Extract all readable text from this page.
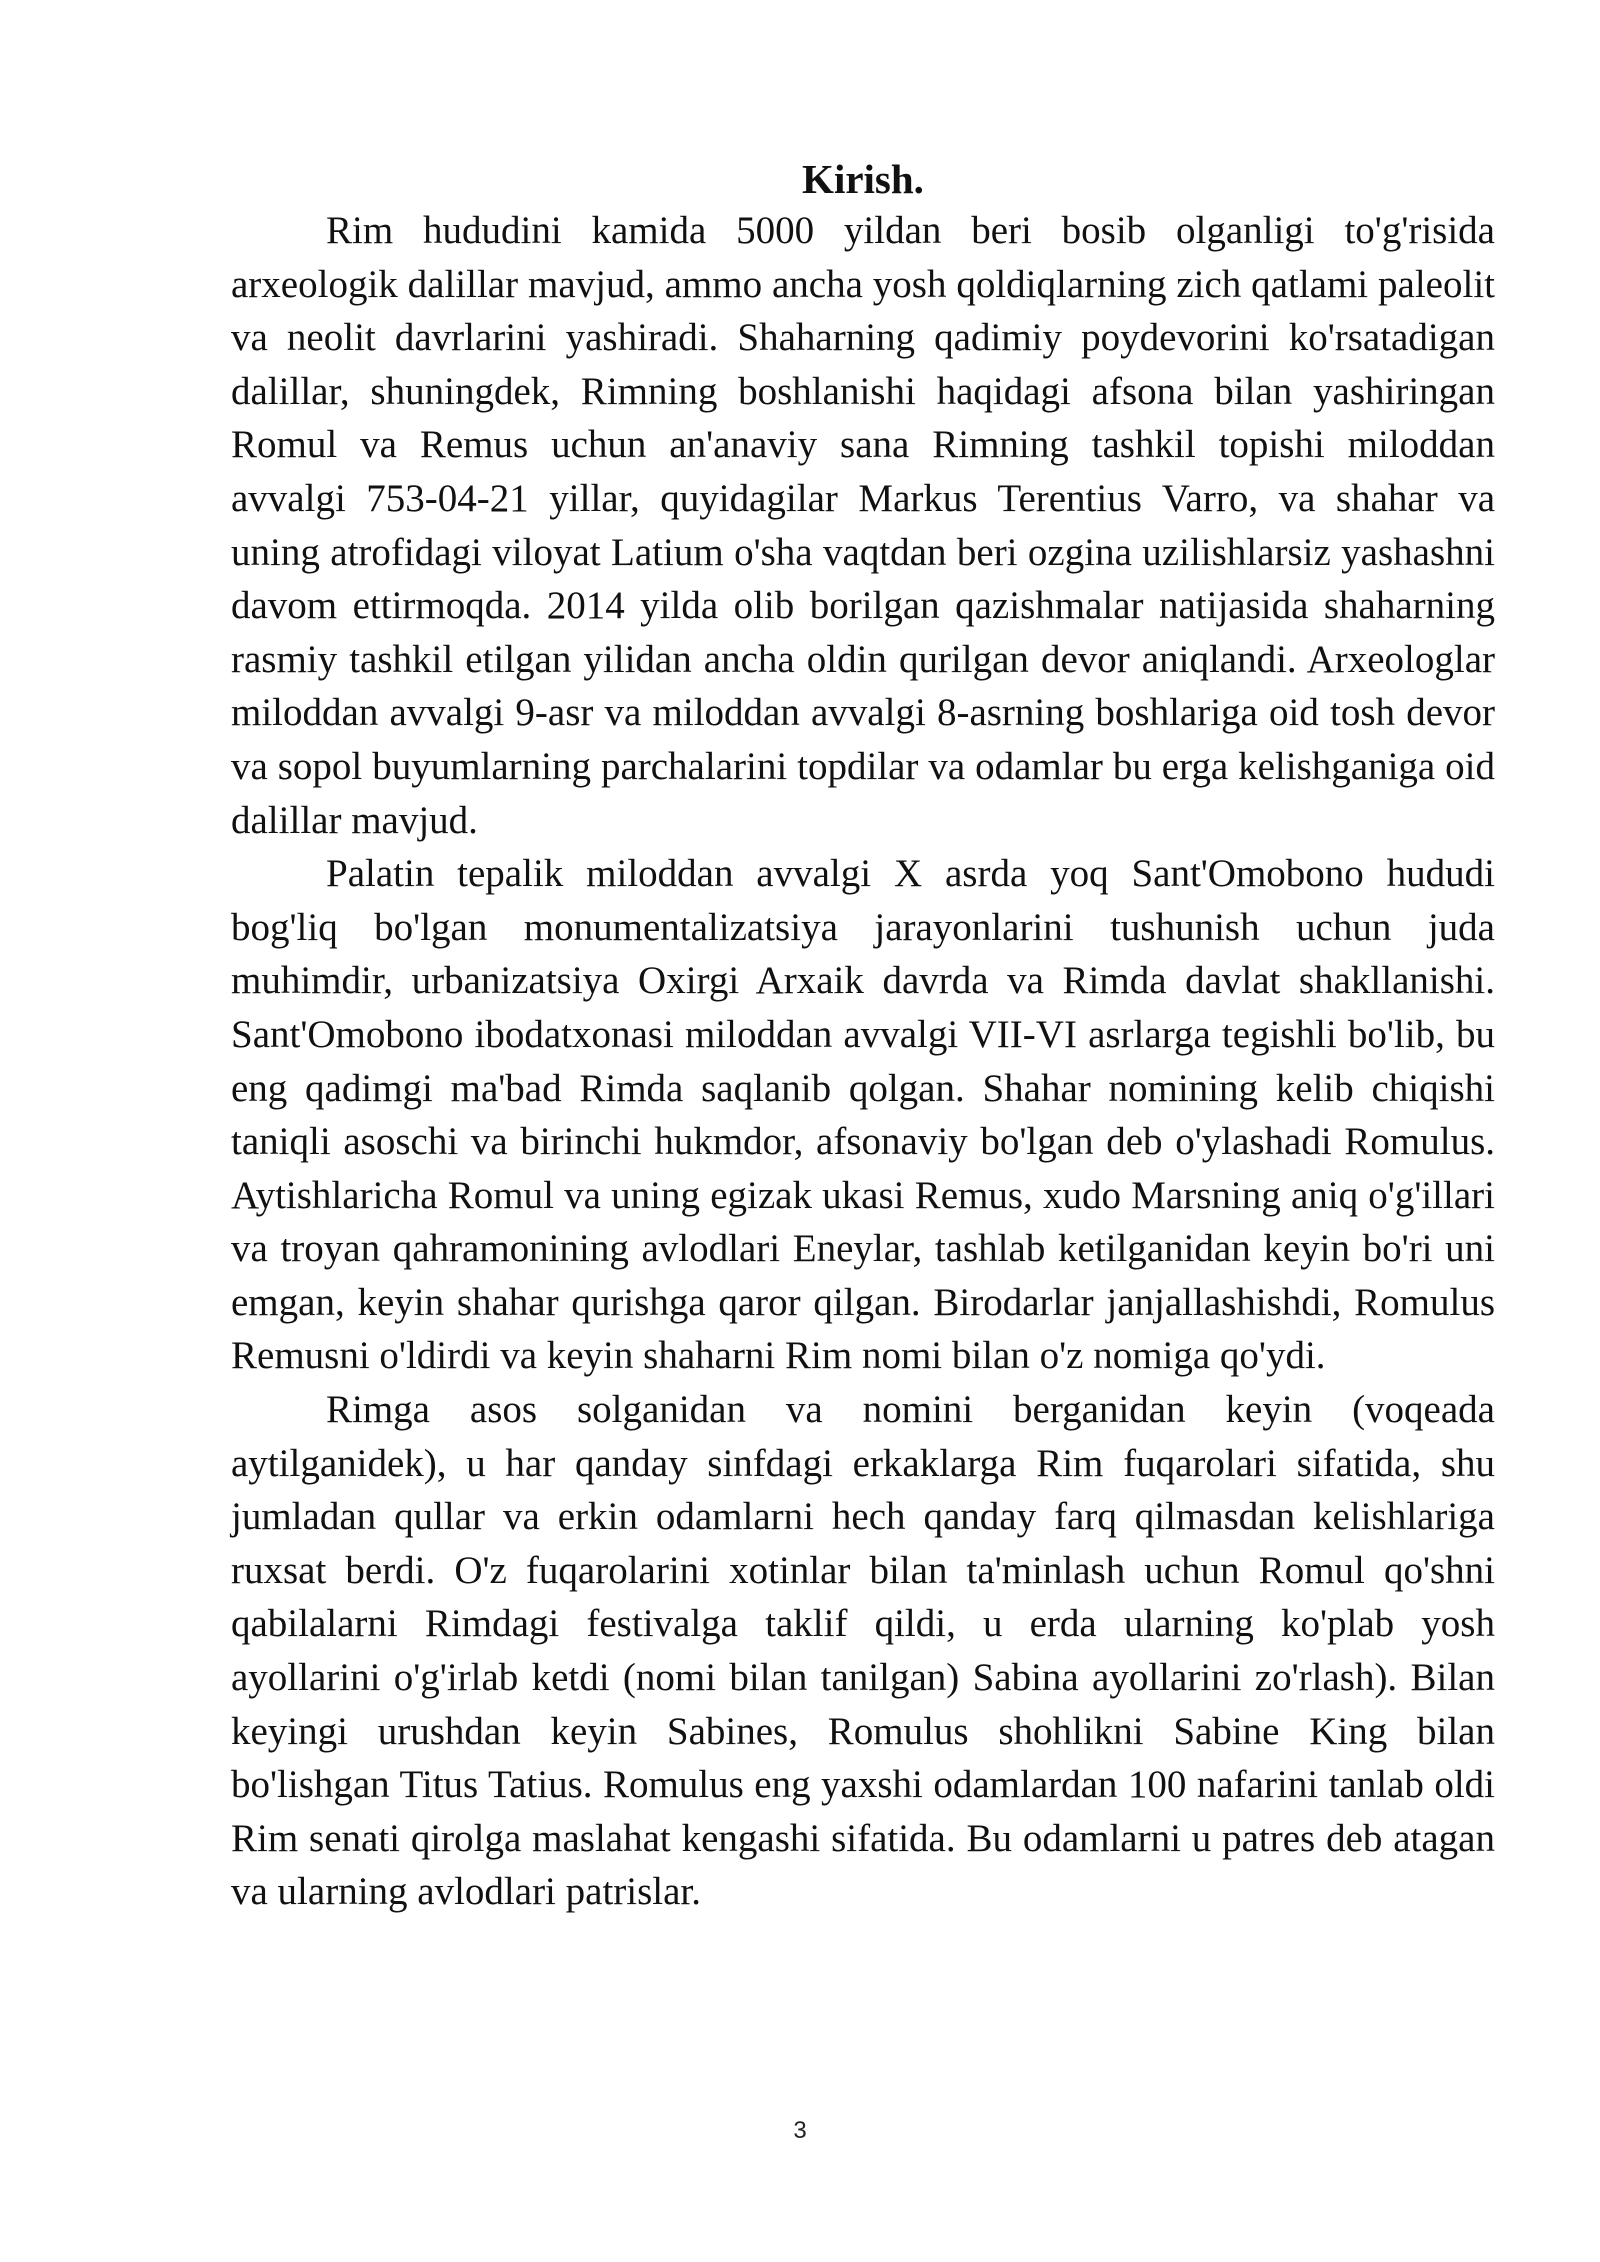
Kirish.

Rim hududini kamida 5000 yildan beri bosib olganligi to'g'risida arxeologik dalillar mavjud, ammo ancha yosh qoldiqlarning zich qatlami paleolit va neolit davrlarini yashiradi. Shaharning qadimiy poydevorini ko'rsatadigan dalillar, shuningdek, Rimning boshlanishi haqidagi afsona bilan yashiringan Romul va Remus uchun an'anaviy sana Rimning tashkil topishi miloddan avvalgi 753-04-21 yillar, quyidagilar Markus Terentius Varro, va shahar va uning atrofidagi viloyat Latium o'sha vaqtdan beri ozgina uzilishlarsiz yashashni davom ettirmoqda. 2014 yilda olib borilgan qazishmalar natijasida shaharning rasmiy tashkil etilgan yilidan ancha oldin qurilgan devor aniqlandi. Arxeologlar miloddan avvalgi 9-asr va miloddan avvalgi 8-asrning boshlariga oid tosh devor va sopol buyumlarning parchalarini topdilar va odamlar bu erga kelishganiga oid dalillar mavjud.

Palatin tepalik miloddan avvalgi X asrda yoq Sant'Omobono hududi bog'liq bo'lgan monumentalizatsiya jarayonlarini tushunish uchun juda muhimdir, urbanizatsiya Oxirgi Arxaik davrda va Rimda davlat shakllanishi. Sant'Omobono ibodatxonasi miloddan avvalgi VII-VI asrlarga tegishli bo'lib, bu eng qadimgi ma'bad Rimda saqlanib qolgan. Shahar nomining kelib chiqishi taniqli asoschi va birinchi hukmdor, afsonaviy bo'lgan deb o'ylashadi Romulus. Aytishlaricha Romul va uning egizak ukasi Remus, xudo Marsning aniq o'g'illari va troyan qahramonining avlodlari Eneylar, tashlab ketilganidan keyin bo'ri uni emgan, keyin shahar qurishga qaror qilgan. Birodarlar janjallashishdi, Romulus Remusni o'ldirdi va keyin shaharni Rim nomi bilan o'z nomiga qo'ydi.

Rimga asos solganidan va nomini berganidan keyin (voqeada aytilganidek), u har qanday sinfdagi erkaklarga Rim fuqarolari sifatida, shu jumladan qullar va erkin odamlarni hech qanday farq qilmasdan kelishlariga ruxsat berdi. O'z fuqarolarini xotinlar bilan ta'minlash uchun Romul qo'shni qabilalarni Rimdagi festivalga taklif qildi, u erda ularning ko'plab yosh ayollarini o'g'irlab ketdi (nomi bilan tanilgan) Sabina ayollarini zo'rlash). Bilan keyingi urushdan keyin Sabines, Romulus shohlikni Sabine King bilan bo'lishgan Titus Tatius. Romulus eng yaxshi odamlardan 100 nafarini tanlab oldi Rim senati qirolga maslahat kengashi sifatida. Bu odamlarni u patres deb atagan va ularning avlodlari patrislar.

3
